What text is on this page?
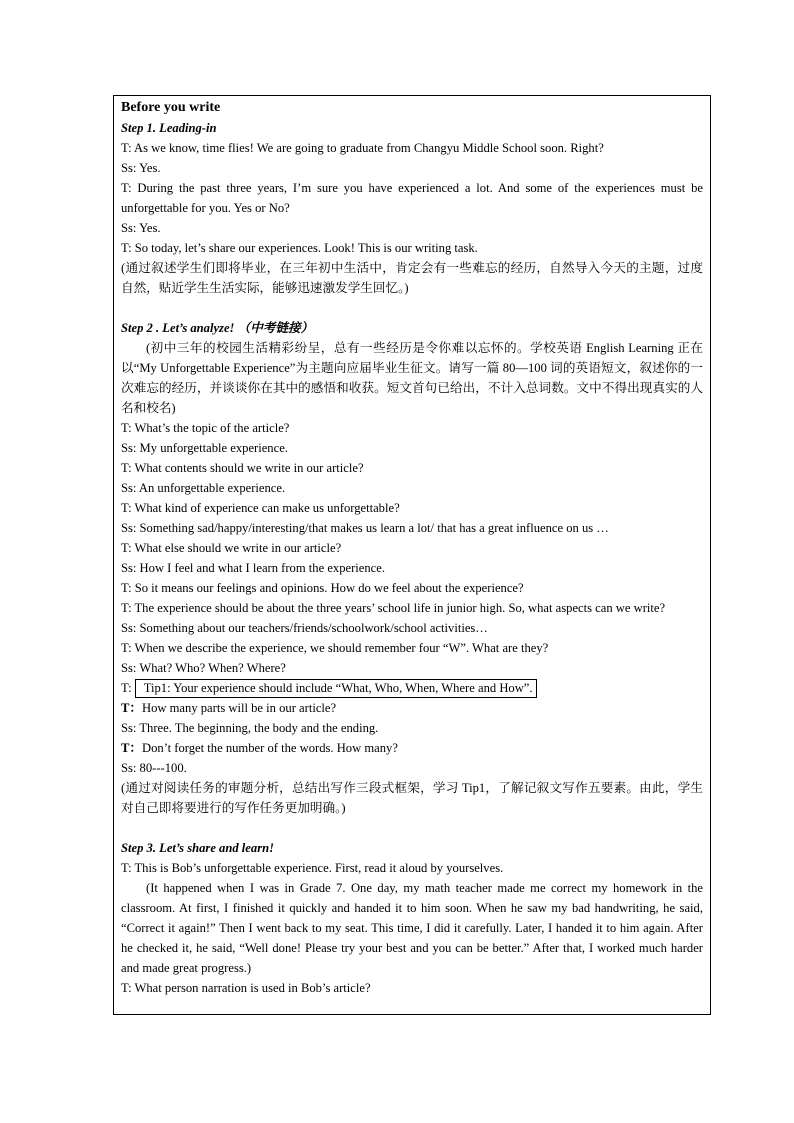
Before you write
Step 1. Leading-in
T: As we know, time flies! We are going to graduate from Changyu Middle School soon. Right?
Ss: Yes.
T: During the past three years, I’m sure you have experienced a lot. And some of the experiences must be unforgettable for you. Yes or No?
Ss: Yes.
T: So today, let’s share our experiences. Look! This is our writing task.
(通过叙述学生们即将毕业，在三年初中生活中，肯定会有一些难忘的经历，自然导入今天的主题，过度自然，贴近学生生活实际，能够迅速激发学生回忆。)
Step 2 . Let’s analyze! （中考链接）
(初中三年的校园生活精彩纷呈，总有一些经历是令你难以忘怀的。学校英语 English Learning 正在以“My Unforgettable Experience”为主题向应届毕业生征文。请写一篇 80—100 词的英语短文，叙述你的一次难忘的经历，并谈谈你在其中的感悟和收获。短文首句已给出，不计入总词数。文中不得出现真实的人名和校名)
T: What’s the topic of the article?
Ss: My unforgettable experience.
T: What contents should we write in our article?
Ss: An unforgettable experience.
T: What kind of experience can make us unforgettable?
Ss: Something sad/happy/interesting/that makes us learn a lot/ that has a great influence on us …
T: What else should we write in our article?
Ss: How I feel and what I learn from the experience.
T: So it means our feelings and opinions. How do we feel about the experience?
T: The experience should be about the three years’ school life in junior high. So, what aspects can we write?
Ss: Something about our teachers/friends/schoolwork/school activities…
T: When we describe the experience, we should remember four “W”. What are they?
Ss: What? Who? When? Where?
T: Tip1: Your experience should include “What, Who, When, Where and How”.
T：How many parts will be in our article?
Ss: Three. The beginning, the body and the ending.
T：Don’t forget the number of the words. How many?
Ss: 80---100.
(通过对阅读任务的审题分析，总结出写作三段式框架，学习 Tip1，了解记叙文写作五要素。由此，学生对自己即将要进行的写作任务更加明确。)
Step 3. Let’s share and learn!
T: This is Bob’s unforgettable experience. First, read it aloud by yourselves.
(It happened when I was in Grade 7. One day, my math teacher made me correct my homework in the classroom. At first, I finished it quickly and handed it to him soon. When he saw my bad handwriting, he said, “Correct it again!” Then I went back to my seat. This time, I did it carefully. Later, I handed it to him again. After he checked it, he said, “Well done! Please try your best and you can be better.” After that, I worked much harder and made great progress.)
T: What person narration is used in Bob’s article?
